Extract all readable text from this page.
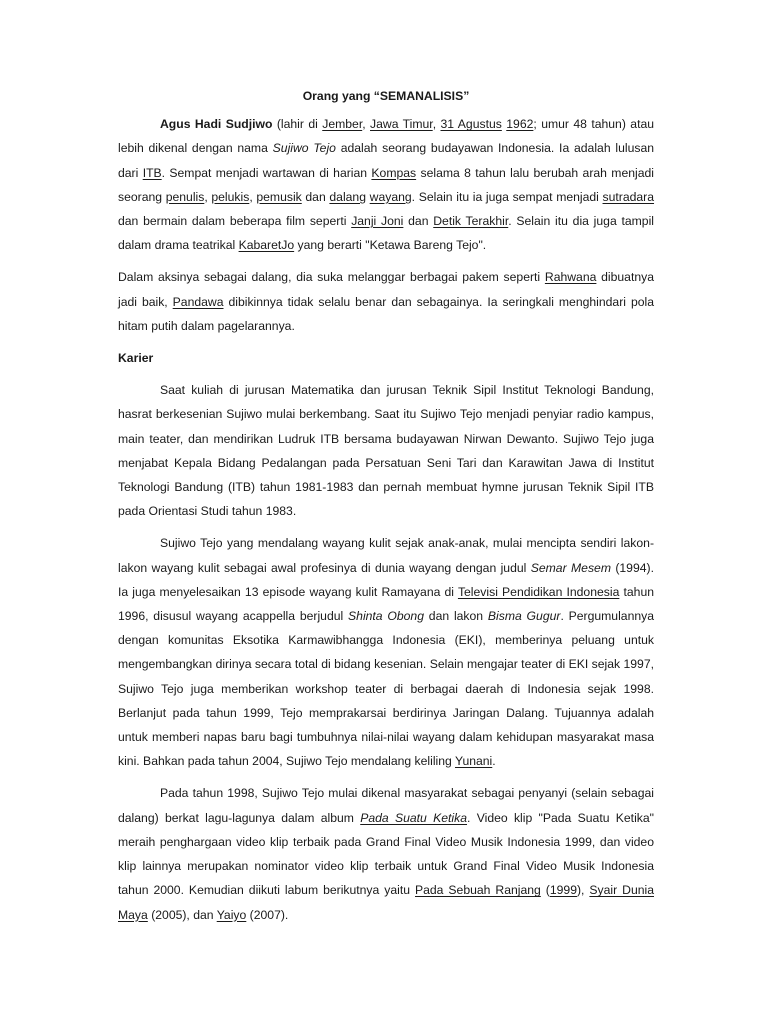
Orang yang “SEMANALISIS”

Agus Hadi Sudjiwo (lahir di Jember, Jawa Timur, 31 Agustus 1962; umur 48 tahun) atau lebih dikenal dengan nama Sujiwo Tejo adalah seorang budayawan Indonesia. Ia adalah lulusan dari ITB. Sempat menjadi wartawan di harian Kompas selama 8 tahun lalu berubah arah menjadi seorang penulis, pelukis, pemusik dan dalang wayang. Selain itu ia juga sempat menjadi sutradara dan bermain dalam beberapa film seperti Janji Joni dan Detik Terakhir. Selain itu dia juga tampil dalam drama teatrikal KabaretJo yang berarti "Ketawa Bareng Tejo".

Dalam aksinya sebagai dalang, dia suka melanggar berbagai pakem seperti Rahwana dibuatnya jadi baik, Pandawa dibikinnya tidak selalu benar dan sebagainya. Ia seringkali menghindari pola hitam putih dalam pagelarannya.

Karier

Saat kuliah di jurusan Matematika dan jurusan Teknik Sipil Institut Teknologi Bandung, hasrat berkesenian Sujiwo mulai berkembang. Saat itu Sujiwo Tejo menjadi penyiar radio kampus, main teater, dan mendirikan Ludruk ITB bersama budayawan Nirwan Dewanto. Sujiwo Tejo juga menjabat Kepala Bidang Pedalangan pada Persatuan Seni Tari dan Karawitan Jawa di Institut Teknologi Bandung (ITB) tahun 1981-1983 dan pernah membuat hymne jurusan Teknik Sipil ITB pada Orientasi Studi tahun 1983.

Sujiwo Tejo yang mendalang wayang kulit sejak anak-anak, mulai mencipta sendiri lakon-lakon wayang kulit sebagai awal profesinya di dunia wayang dengan judul Semar Mesem (1994). Ia juga menyelesaikan 13 episode wayang kulit Ramayana di Televisi Pendidikan Indonesia tahun 1996, disusul wayang acappella berjudul Shinta Obong dan lakon Bisma Gugur. Pergumulannya dengan komunitas Eksotika Karmawibhangga Indonesia (EKI), memberinya peluang untuk mengembangkan dirinya secara total di bidang kesenian. Selain mengajar teater di EKI sejak 1997, Sujiwo Tejo juga memberikan workshop teater di berbagai daerah di Indonesia sejak 1998. Berlanjut pada tahun 1999, Tejo memprakarsai berdirinya Jaringan Dalang. Tujuannya adalah untuk memberi napas baru bagi tumbuhnya nilai-nilai wayang dalam kehidupan masyarakat masa kini. Bahkan pada tahun 2004, Sujiwo Tejo mendalang keliling Yunani.

Pada tahun 1998, Sujiwo Tejo mulai dikenal masyarakat sebagai penyanyi (selain sebagai dalang) berkat lagu-lagunya dalam album Pada Suatu Ketika. Video klip "Pada Suatu Ketika" meraih penghargaan video klip terbaik pada Grand Final Video Musik Indonesia 1999, dan video klip lainnya merupakan nominator video klip terbaik untuk Grand Final Video Musik Indonesia tahun 2000. Kemudian diikuti labum berikutnya yaitu Pada Sebuah Ranjang (1999), Syair Dunia Maya (2005), dan Yaiyo (2007).
